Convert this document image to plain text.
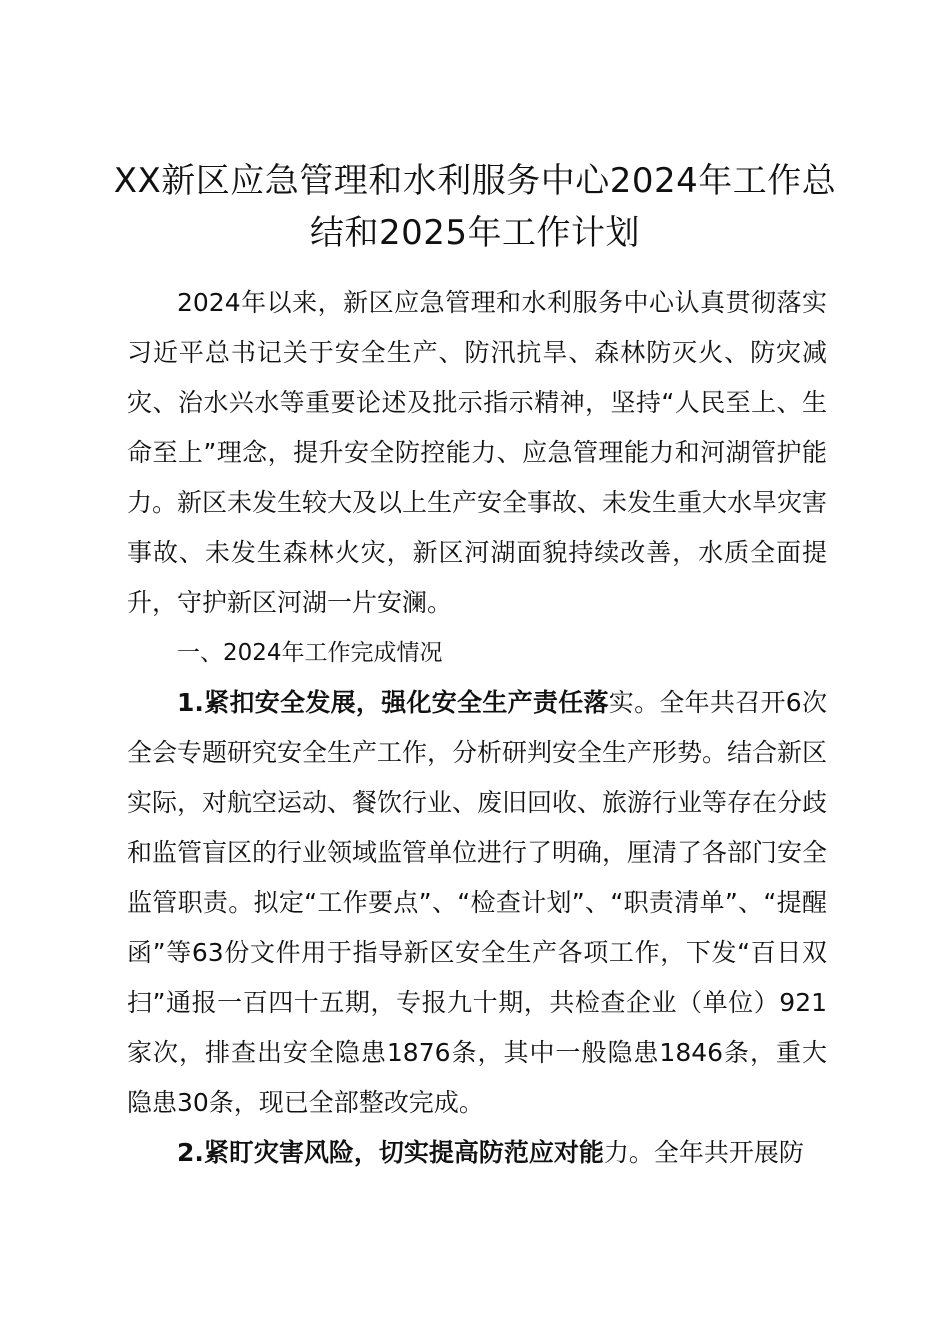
XX新区应急管理和水利服务中心2024年工作总结和2025年工作计划

2024年以来，新区应急管理和水利服务中心认真贯彻落实习近平总书记关于安全生产、防汛抗旱、森林防灭火、防灾减灾、治水兴水等重要论述及批示指示精神，坚持“人民至上、生命至上”理念，提升安全防控能力、应急管理能力和河湖管护能力。新区未发生较大及以上生产安全事故、未发生重大水旱灾害事故、未发生森林火灾，新区河湖面貌持续改善，水质全面提升，守护新区河湖一片安澜。

一、2024年工作完成情况

1.紧扣安全发展，强化安全生产责任落实。全年共召开6次全会专题研究安全生产工作，分析研判安全生产形势。结合新区实际，对航空运动、餐饮行业、废旧回收、旅游行业等存在分歧和监管盲区的行业领域监管单位进行了明确，厘清了各部门安全监管职责。拟定“工作要点”、“检查计划”、“职责清单”、“提醒函”等63份文件用于指导新区安全生产各项工作，下发“百日双扫”通报一百四十五期，专报九十期，共检查企业（单位）921家次，排查出安全隐患1876条，其中一般隐患1846条，重大隐患30条，现已全部整改完成。

2.紧盯灾害风险，切实提高防范应对能力。全年共开展防
